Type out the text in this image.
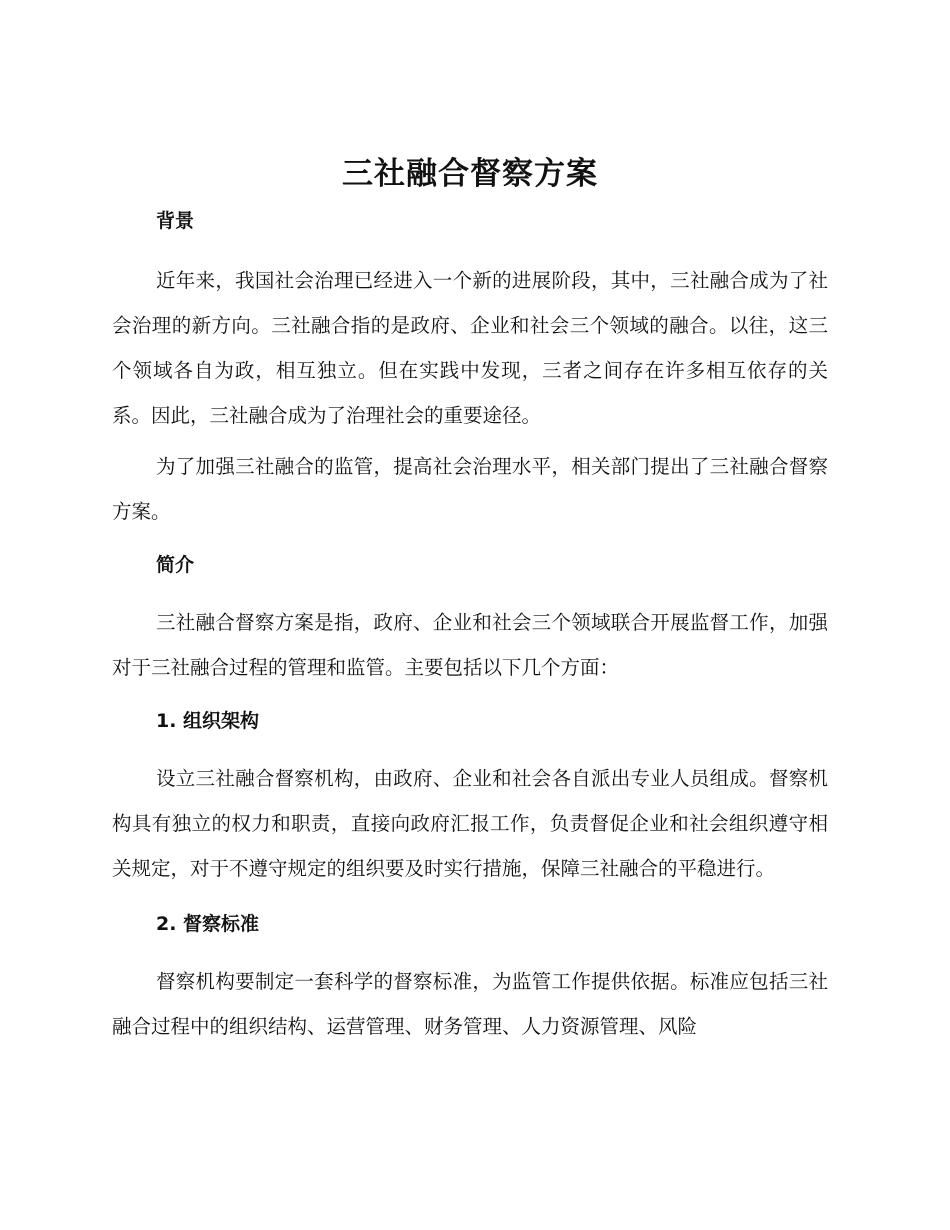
三社融合督察方案
背景

近年来，我国社会治理已经进入一个新的进展阶段，其中，三社融合成为了社会治理的新方向。三社融合指的是政府、企业和社会三个领域的融合。以往，这三个领域各自为政，相互独立。但在实践中发现，三者之间存在许多相互依存的关系。因此，三社融合成为了治理社会的重要途径。

为了加强三社融合的监管，提高社会治理水平，相关部门提出了三社融合督察方案。

简介

三社融合督察方案是指，政府、企业和社会三个领域联合开展监督工作，加强对于三社融合过程的管理和监管。主要包括以下几个方面：

1. 组织架构

设立三社融合督察机构，由政府、企业和社会各自派出专业人员组成。督察机构具有独立的权力和职责，直接向政府汇报工作，负责督促企业和社会组织遵守相关规定，对于不遵守规定的组织要及时实行措施，保障三社融合的平稳进行。

2. 督察标准

督察机构要制定一套科学的督察标准，为监管工作提供依据。标准应包括三社融合过程中的组织结构、运营管理、财务管理、人力资源管理、风险
